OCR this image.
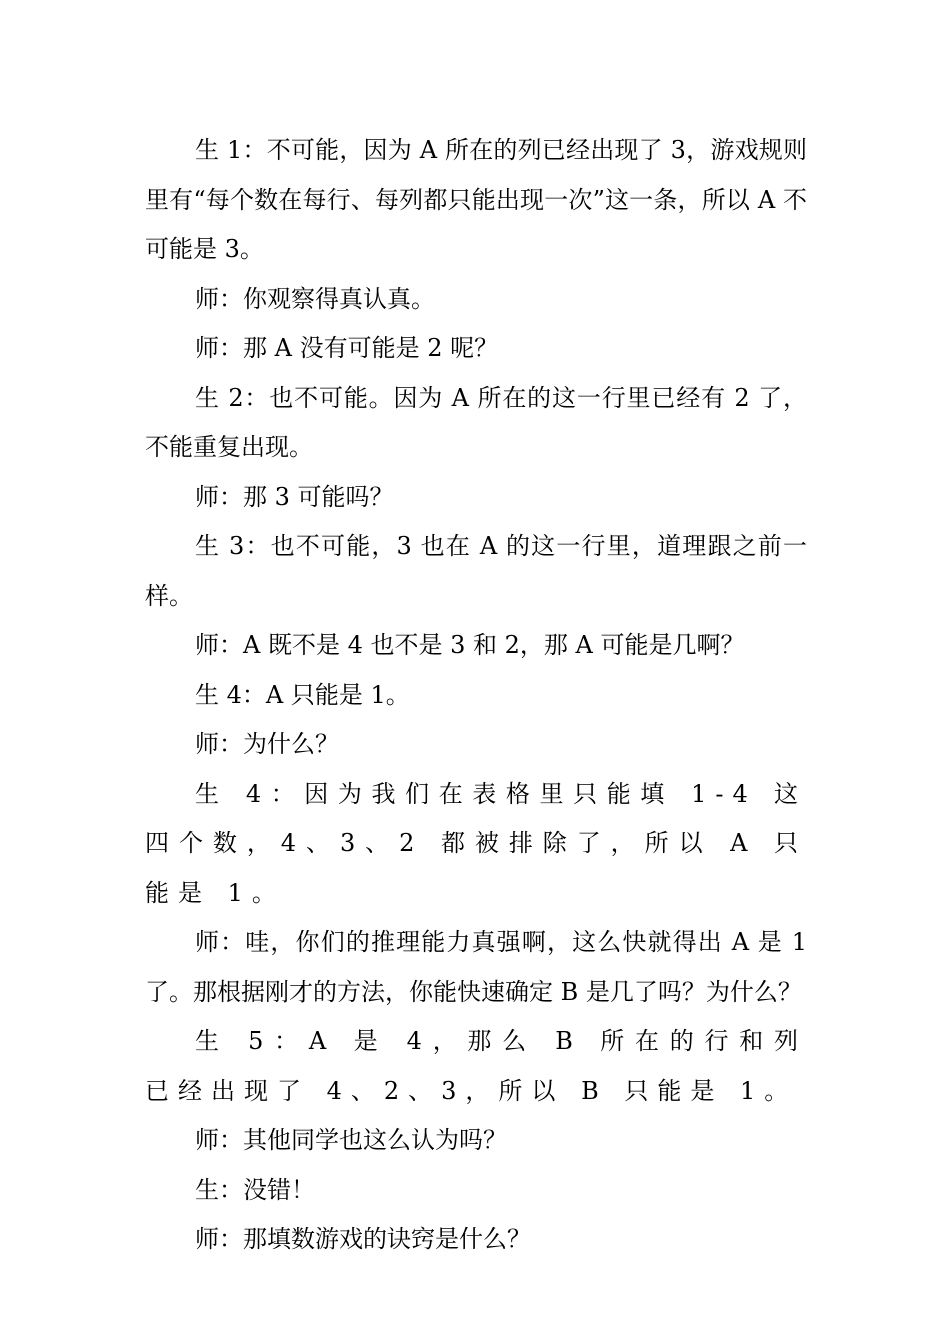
生 1：不可能，因为 A 所在的列已经出现了 3，游戏规则里有“每个数在每行、每列都只能出现一次”这一条，所以 A 不可能是 3。

师：你观察得真认真。

师：那 A 没有可能是 2 呢？

生 2：也不可能。因为 A 所在的这一行里已经有 2 了，不能重复出现。

师：那 3 可能吗？

生 3：也不可能，3 也在 A 的这一行里，道理跟之前一样。

师：A 既不是 4 也不是 3 和 2，那 A 可能是几啊？

生 4：A 只能是 1。

师：为什么？

生 4：因为我们在表格里只能填 1-4 这四个数，4、3、2 都被排除了，所以 A 只能是 1。

师：哇，你们的推理能力真强啊，这么快就得出 A 是 1 了。那根据刚才的方法，你能快速确定 B 是几了吗？为什么？

生 5：A 是 4，那么 B 所在的行和列已经出现了 4、2、3，所以 B 只能是 1。

师：其他同学也这么认为吗？

生：没错！

师：那填数游戏的诀窍是什么？
